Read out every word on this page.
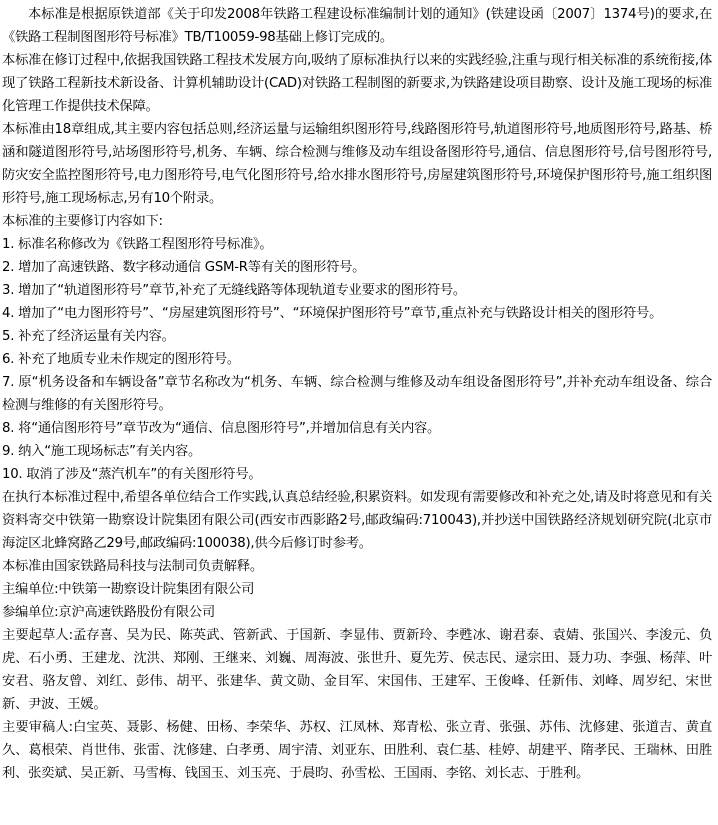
本标准是根据原铁道部《关于印发2008年铁路工程建设标准编制计划的通知》(铁建设函〔2007〕1374号)的要求,在《铁路工程制图图形符号标准》TB/T10059-98基础上修订完成的。

本标准在修订过程中,依据我国铁路工程技术发展方向,吸纳了原标准执行以来的实践经验,注重与现行相关标准的系统衔接,体现了铁路工程新技术新设备、计算机辅助设计(CAD)对铁路工程制图的新要求,为铁路建设项目勘察、设计及施工现场的标准化管理工作提供技术保障。

本标准由18章组成,其主要内容包括总则,经济运量与运输组织图形符号,线路图形符号,轨道图形符号,地质图形符号,路基、桥涵和隧道图形符号,站场图形符号,机务、车辆、综合检测与维修及动车组设备图形符号,通信、信息图形符号,信号图形符号,防灾安全监控图形符号,电力图形符号,电气化图形符号,给水排水图形符号,房屋建筑图形符号,环境保护图形符号,施工组织图形符号,施工现场标志,另有10个附录。

本标准的主要修订内容如下:

1. 标准名称修改为《铁路工程图形符号标准》。

2. 增加了高速铁路、数字移动通信 GSM-R等有关的图形符号。

3. 增加了“轨道图形符号”章节,补充了无缝线路等体现轨道专业要求的图形符号。

4. 增加了“电力图形符号”、“房屋建筑图形符号”、“环境保护图形符号”章节,重点补充与铁路设计相关的图形符号。

5. 补充了经济运量有关内容。

6. 补充了地质专业未作规定的图形符号。

7. 原“机务设备和车辆设备”章节名称改为“机务、车辆、综合检测与维修及动车组设备图形符号”,并补充动车组设备、综合检测与维修的有关图形符号。

8. 将“通信图形符号”章节改为“通信、信息图形符号”,并增加信息有关内容。

9. 纳入“施工现场标志”有关内容。

10. 取消了涉及“蒸汽机车”的有关图形符号。

在执行本标准过程中,希望各单位结合工作实践,认真总结经验,积累资料。如发现有需要修改和补充之处,请及时将意见和有关资料寄交中铁第一勘察设计院集团有限公司(西安市西影路2号,邮政编码:710043),并抄送中国铁路经济规划研究院(北京市海淀区北蜂窝路乙29号,邮政编码:100038),供今后修订时参考。

本标准由国家铁路局科技与法制司负责解释。

主编单位:中铁第一勘察设计院集团有限公司

参编单位:京沪高速铁路股份有限公司

主要起草人:孟存喜、吴为民、陈英武、管新武、于国新、李显伟、贾新玲、李甦冰、谢君泰、袁婧、张国兴、李浚元、负虎、石小勇、王建龙、沈洪、郑刚、王继来、刘巍、周海波、张世升、夏先芳、侯志民、逯宗田、聂力功、李强、杨萍、叶安君、骆友曾、刘红、彭伟、胡平、张建华、黄文勋、金目军、宋国伟、王建军、王俊峰、任新伟、刘峰、周岁纪、宋世新、尹波、王媛。

主要审稿人:白宝英、聂影、杨健、田杨、李荣华、苏权、江凤林、郑青松、张立青、张强、苏伟、沈修建、张道吉、黄直久、葛根荣、肖世伟、张雷、沈修建、白孝勇、周宇清、刘亚东、田胜利、袁仁基、桂婷、胡建平、隋孝民、王瑞林、田胜利、张奕斌、吴正新、马雪梅、钱国玉、刘玉亮、于晨昀、孙雪松、王国雨、李铭、刘长志、于胜利。
